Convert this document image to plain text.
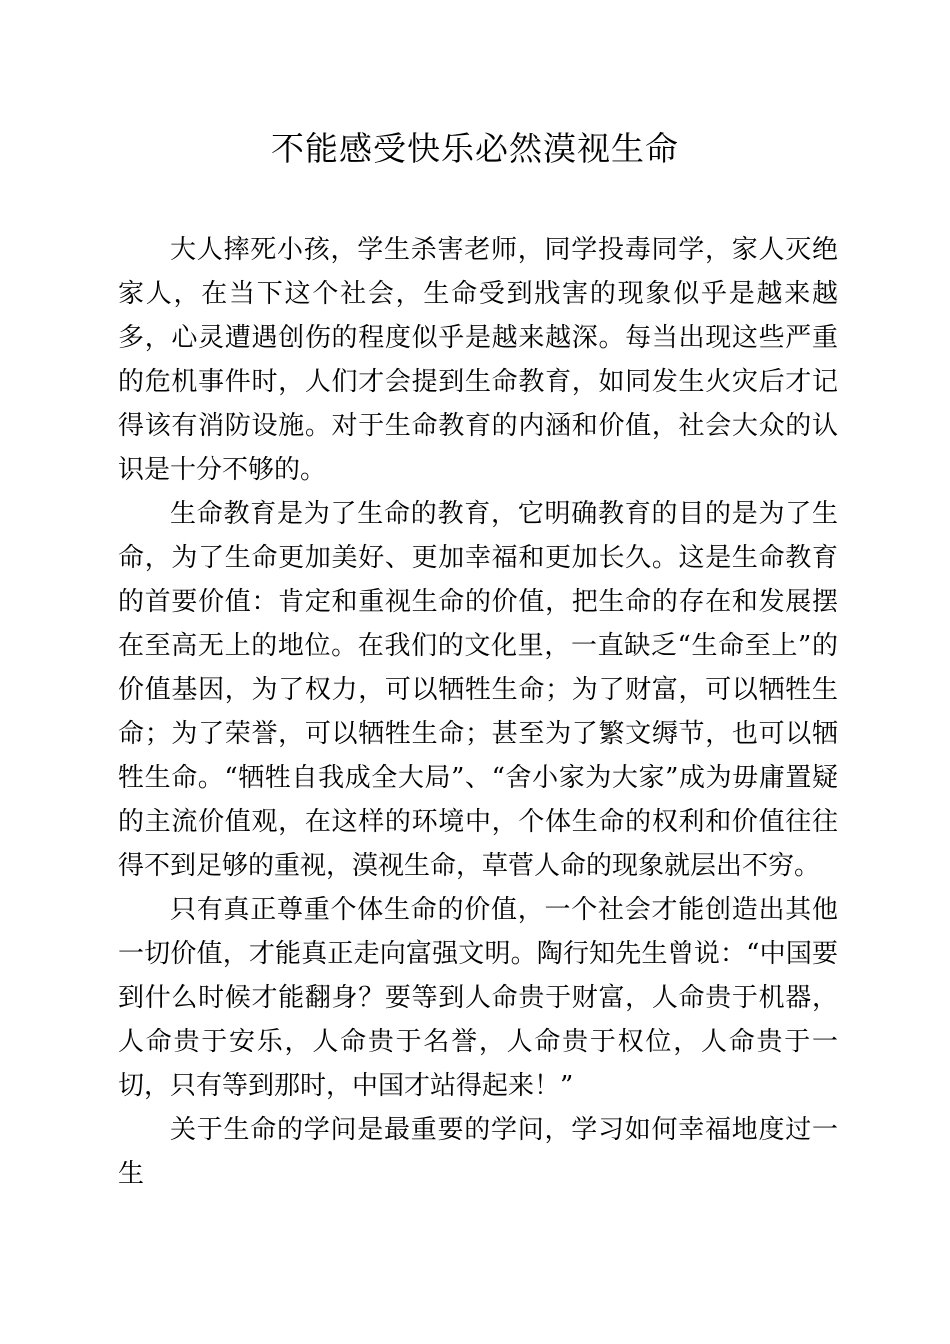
不能感受快乐必然漠视生命

大人摔死小孩，学生杀害老师，同学投毒同学，家人灭绝家人，在当下这个社会，生命受到戕害的现象似乎是越来越多，心灵遭遇创伤的程度似乎是越来越深。每当出现这些严重的危机事件时，人们才会提到生命教育，如同发生火灾后才记得该有消防设施。对于生命教育的内涵和价值，社会大众的认识是十分不够的。

生命教育是为了生命的教育，它明确教育的目的是为了生命，为了生命更加美好、更加幸福和更加长久。这是生命教育的首要价值：肯定和重视生命的价值，把生命的存在和发展摆在至高无上的地位。在我们的文化里，一直缺乏“生命至上”的价值基因，为了权力，可以牺牲生命；为了财富，可以牺牲生命；为了荣誉，可以牺牲生命；甚至为了繁文缛节，也可以牺牲生命。“牺牲自我成全大局”、“舍小家为大家”成为毋庸置疑的主流价值观，在这样的环境中，个体生命的权利和价值往往得不到足够的重视，漠视生命，草菅人命的现象就层出不穷。

只有真正尊重个体生命的价值，一个社会才能创造出其他一切价值，才能真正走向富强文明。陶行知先生曾说：“中国要到什么时候才能翻身？要等到人命贵于财富，人命贵于机器，人命贵于安乐，人命贵于名誉，人命贵于权位，人命贵于一切，只有等到那时，中国才站得起来！”

关于生命的学问是最重要的学问，学习如何幸福地度过一生
